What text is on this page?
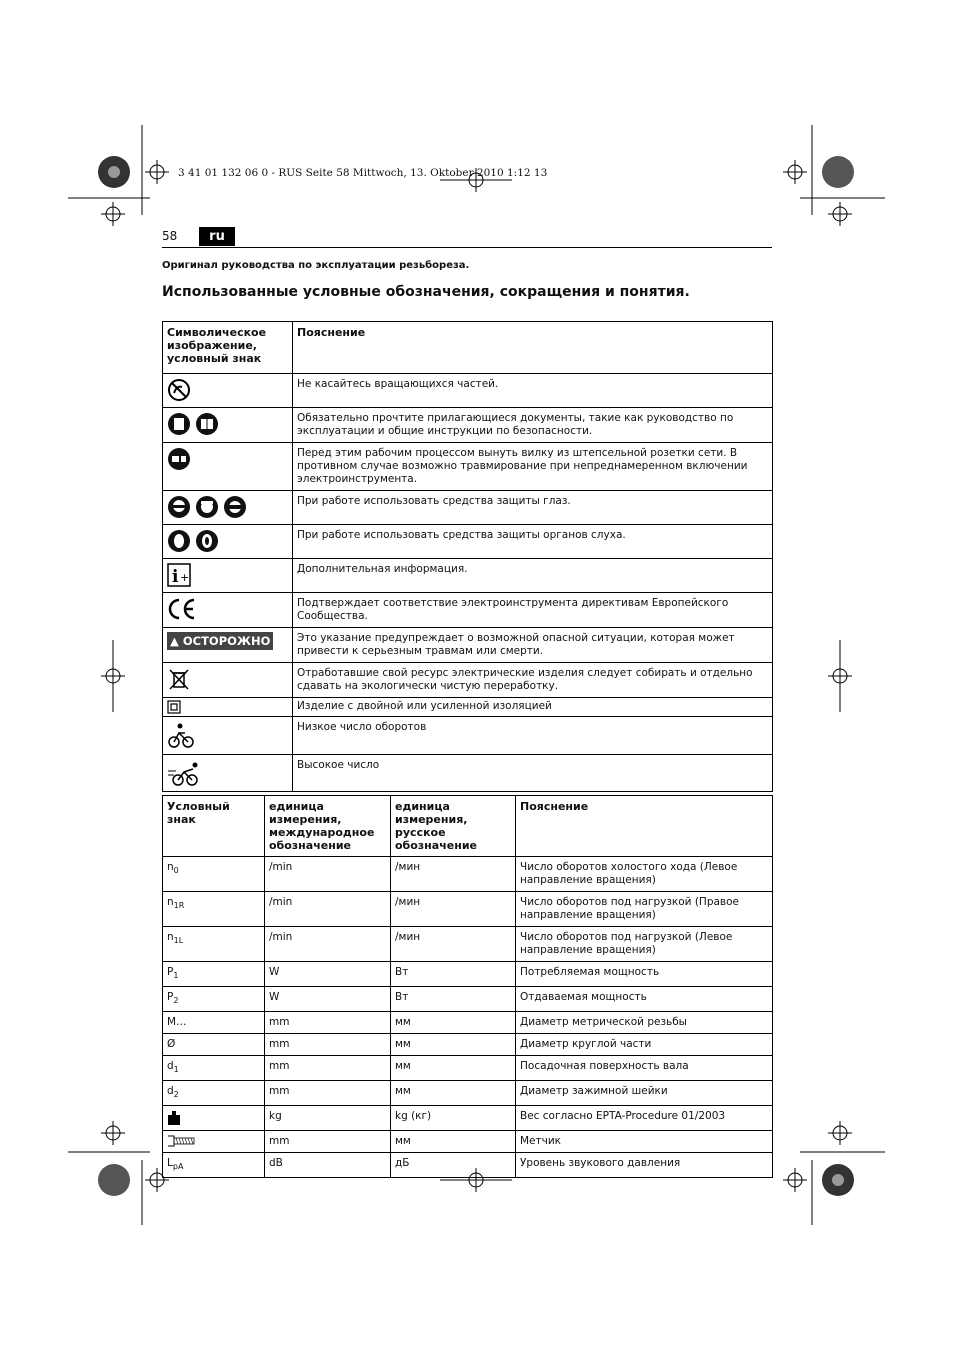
3 41 01 132 06 0 - RUS Seite 58 Mittwoch, 13. Oktober 2010 1:12 13
58	ru
Оригинал руководства по эксплуатации резьбореза.
Использованные условные обозначения, сокращения и понятия.
Символическое изображение, условный знак	Пояснение
	Не касайтесь вращающихся частей.
	Обязательно прочтите прилагающиеся документы, такие как руководство по эксплуатации и общие инструкции по безопасности.
	Перед этим рабочим процессом вынуть вилку из штепсельной розетки сети. В противном случае возможно травмирование при непреднамеренном включении электроинструмента.
	При работе использовать средства защиты глаз.
	При работе использовать средства защиты органов слуха.

i +	Дополнительная информация.
	Подтверждает соответствие электроинструмента директивам Европейского Сообщества.
▲ ОСТОРОЖНО	Это указание предупреждает о возможной опасной ситуации, которая может привести к серьезным травмам или смерти.
	Отработавшие свой ресурс электрические изделия следует собирать и отдельно сдавать на экологически чистую переработку.
	Изделие с двойной или усиленной изоляцией
	Низкое число оборотов
	Высокое число
Условный знак	единица измерения, международное обозначение	единица измерения, русское обозначение	Пояснение
$n_0$	/min	/мин	Число оборотов холостого хода (Левое направление вращения)
$n_{1R}$	/min	/мин	Число оборотов под нагрузкой (Правое направление вращения)
$n_{1L}$	/min	/мин	Число оборотов под нагрузкой (Левое направление вращения)
$P_1$	W	Вт	Потребляемая мощность
$P_2$	W	Вт	Отдаваемая мощность
M…	mm	мм	Диаметр метрической резьбы
Ø	mm	мм	Диаметр круглой части
$d_1$	mm	мм	Посадочная поверхность вала
$d_2$	mm	мм	Диаметр зажимной шейки
	kg	kg (кг)	Вес согласно EPTA-Procedure 01/2003
	mm	мм	Метчик
$L_{pA}$	dB	дБ	Уровень звукового давления
